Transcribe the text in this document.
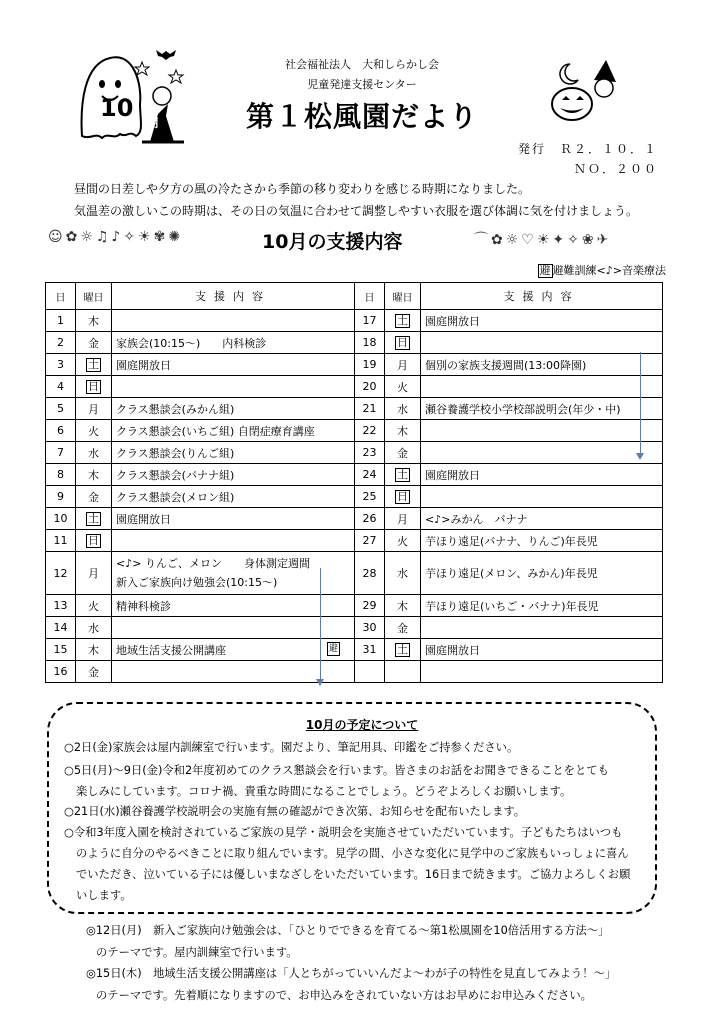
10
月
社会福祉法人　大和しらかし会
児童発達支援センター
第１松風園だより
発行　Ｒ２．１０．１
ＮＯ．２００
昼間の日差しや夕方の風の冷たさから季節の移り変わりを感じる時期になりました。
気温差の激しいこの時期は、その日の気温に合わせて調整しやすい衣服を選び体調に気を付けましょう。
☺✿☼♫♪✧☀✾✺	10月の支援内容	⌒✿☼♡☀✦✧❀✈
避 避難訓練<♪>音楽療法
日	曜日	支援内容	日	曜日	支援内容
1	木		17	土	園庭開放日
2	金	家族会(10:15～)　　内科検診	18	日	
3	土	園庭開放日	19	月	個別の家族支援週間(13:00降園)
4	日		20	火	
5	月	クラス懇談会(みかん組)	21	水	瀬谷養護学校小学校部説明会(年少・中)
6	火	クラス懇談会(いちご組) 自閉症療育講座	22	木	
7	水	クラス懇談会(りんご組)	23	金	
8	木	クラス懇談会(バナナ組)	24	土	園庭開放日
9	金	クラス懇談会(メロン組)	25	日	
10	土	園庭開放日	26	月	<♪>みかん　バナナ
11	日		27	火	芋ほり遠足(バナナ、りんご)年長児
12	月	<♪> りんご、メロン　　身体測定週間
新入ご家族向け勉強会(10:15～)	28	水	芋ほり遠足(メロン、みかん)年長児
13	火	精神科検診	29	木	芋ほり遠足(いちご・バナナ)年長児
14	水		30	金	
15	木	地域生活支援公開講座 避	31	土	園庭開放日
16	金				
10月の予定について
○2日(金)家族会は屋内訓練室で行います。園だより、筆記用具、印鑑をご持参ください。
○5日(月)～9日(金)令和2年度初めてのクラス懇談会を行います。皆さまのお話をお聞きできることをとても
楽しみにしています。コロナ禍、貴重な時間になることでしょう。どうぞよろしくお願いします。
○21日(水)瀬谷養護学校説明会の実施有無の確認ができ次第、お知らせを配布いたします。
○令和3年度入園を検討されているご家族の見学・説明会を実施させていただいています。子どもたちはいつも
のように自分のやるべきことに取り組んでいます。見学の間、小さな変化に見学中のご家族もいっしょに喜ん
でいただき、泣いている子には優しいまなざしをいただいています。16日まで続きます。ご協力よろしくお願
いします。
◎12日(月)　新入ご家族向け勉強会は、「ひとりでできるを育てる～第1松風園を10倍活用する方法～」
のテーマです。屋内訓練室で行います。
◎15日(木)　地域生活支援公開講座は「人とちがっていいんだよ～わが子の特性を見直してみよう！～」
のテーマです。先着順になりますので、お申込みをされていない方はお早めにお申込みください。
